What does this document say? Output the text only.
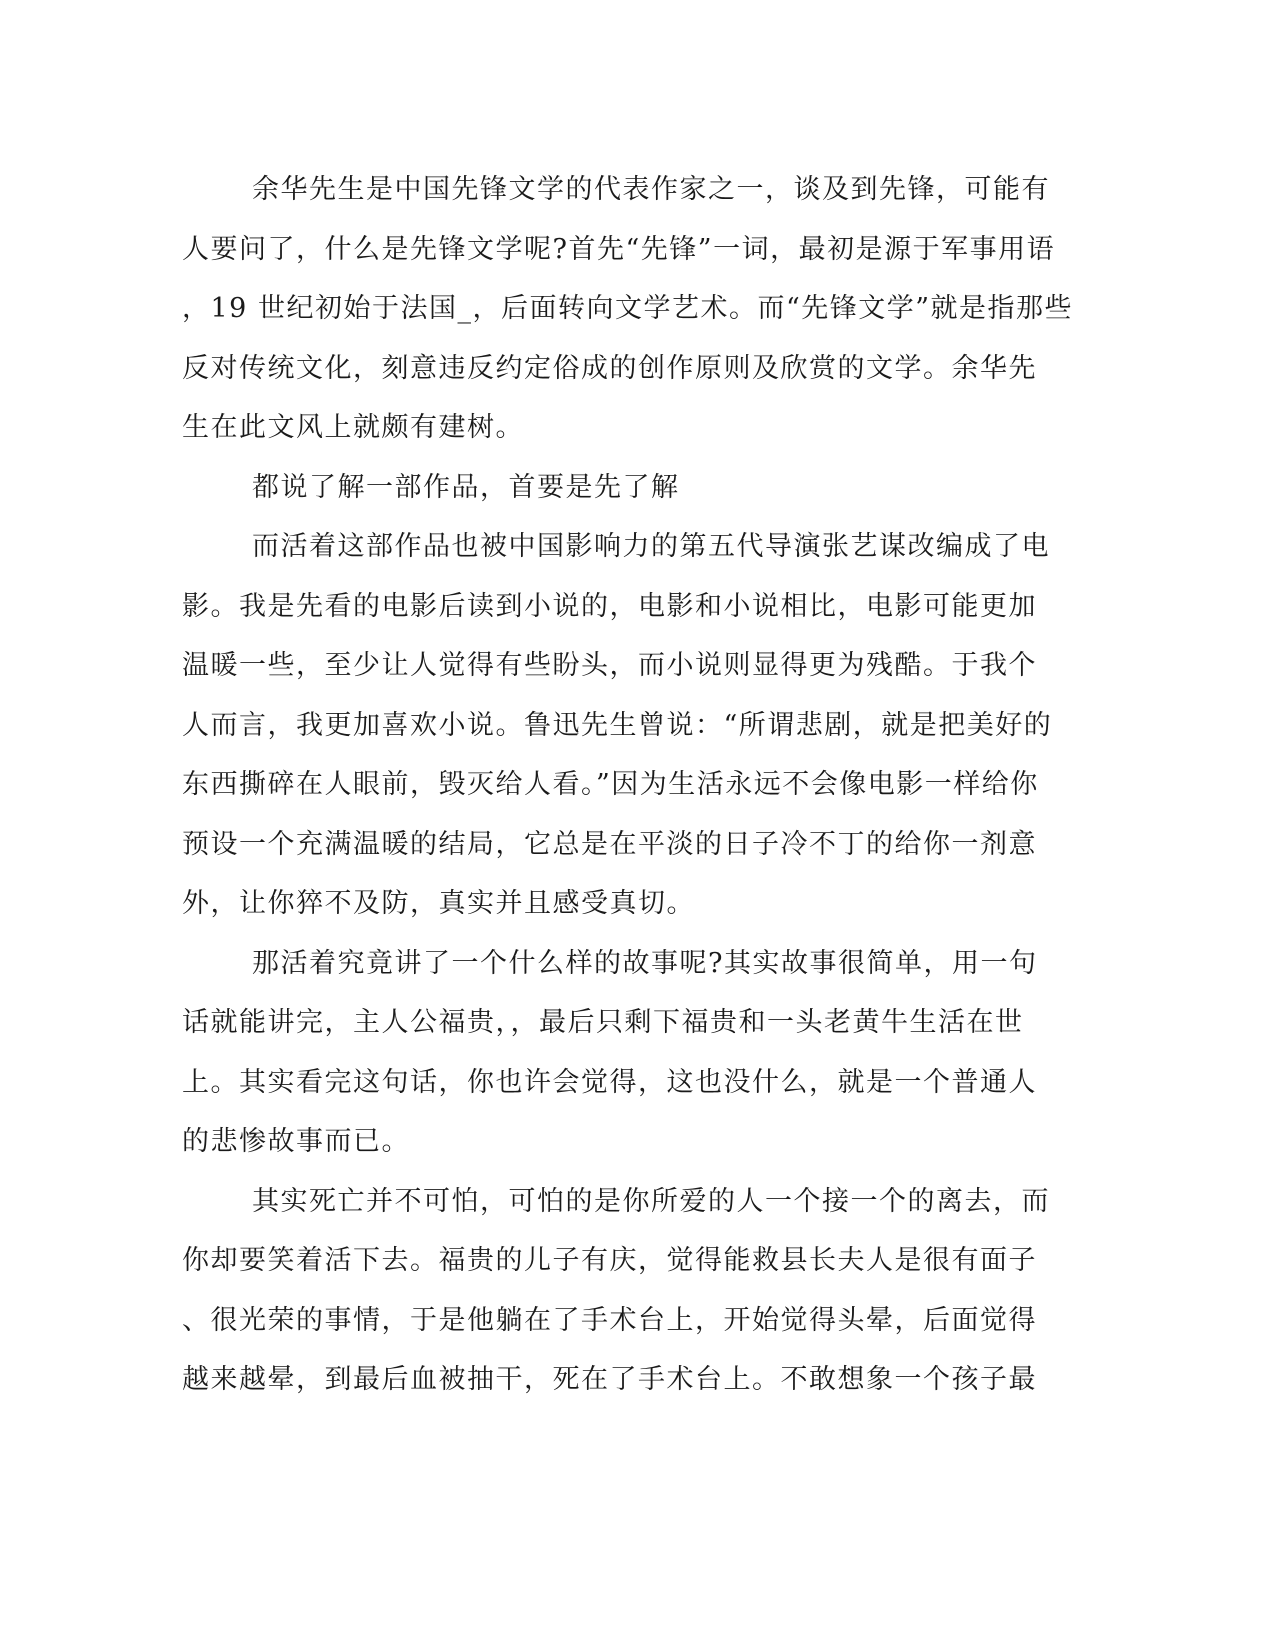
余华先生是中国先锋文学的代表作家之一，谈及到先锋，可能有
人要问了，什么是先锋文学呢?首先“先锋”一词，最初是源于军事用语
，19 世纪初始于法国_，后面转向文学艺术。而“先锋文学”就是指那些
反对传统文化，刻意违反约定俗成的创作原则及欣赏的文学。余华先
生在此文风上就颇有建树。
都说了解一部作品，首要是先了解
而活着这部作品也被中国影响力的第五代导演张艺谋改编成了电
影。我是先看的电影后读到小说的，电影和小说相比，电影可能更加
温暖一些，至少让人觉得有些盼头，而小说则显得更为残酷。于我个
人而言，我更加喜欢小说。鲁迅先生曾说：“所谓悲剧，就是把美好的
东西撕碎在人眼前，毁灭给人看。”因为生活永远不会像电影一样给你
预设一个充满温暖的结局，它总是在平淡的日子冷不丁的给你一剂意
外，让你猝不及防，真实并且感受真切。
那活着究竟讲了一个什么样的故事呢?其实故事很简单，用一句
话就能讲完，主人公福贵，，最后只剩下福贵和一头老黄牛生活在世
上。其实看完这句话，你也许会觉得，这也没什么，就是一个普通人
的悲惨故事而已。
其实死亡并不可怕，可怕的是你所爱的人一个接一个的离去，而
你却要笑着活下去。福贵的儿子有庆，觉得能救县长夫人是很有面子
、很光荣的事情，于是他躺在了手术台上，开始觉得头晕，后面觉得
越来越晕，到最后血被抽干，死在了手术台上。不敢想象一个孩子最
